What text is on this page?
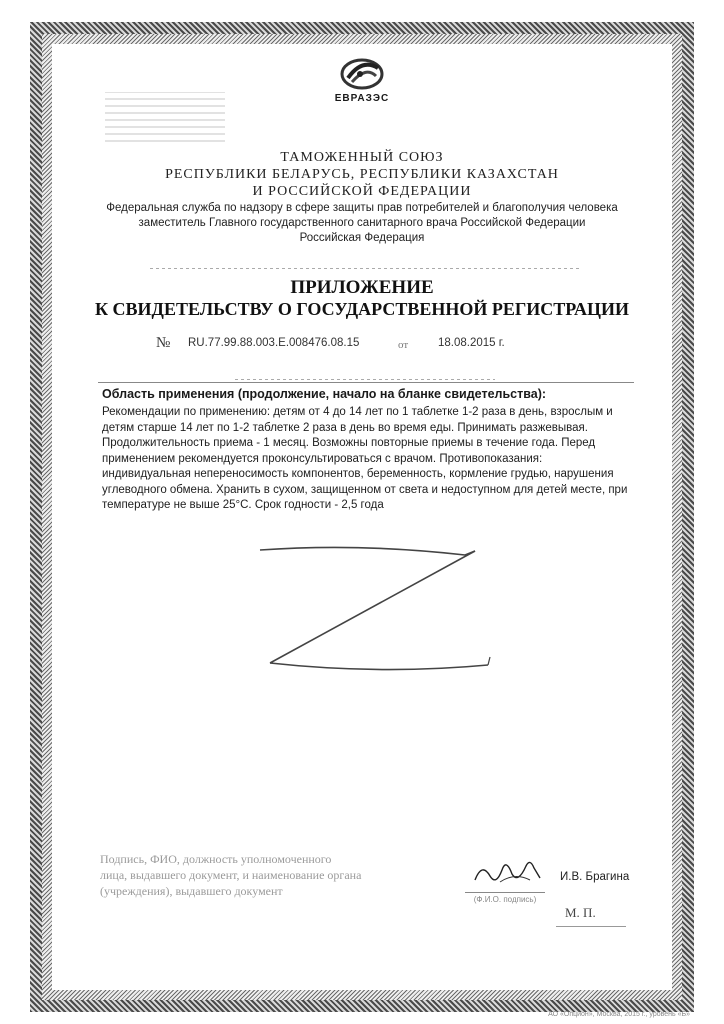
ЕВРАЗЭС
ТАМОЖЕННЫЙ СОЮЗ
РЕСПУБЛИКИ БЕЛАРУСЬ, РЕСПУБЛИКИ КАЗАХСТАН
И РОССИЙСКОЙ ФЕДЕРАЦИИ
Федеральная служба по надзору в сфере защиты прав потребителей и благополучия человека
заместитель Главного государственного санитарного врача Российской Федерации
Российская Федерация
ПРИЛОЖЕНИЕ
К СВИДЕТЕЛЬСТВУ О ГОСУДАРСТВЕННОЙ РЕГИСТРАЦИИ
№ RU.77.99.88.003.Е.008476.08.15	от	18.08.2015 г.
Область применения (продолжение, начало на бланке свидетельства):
Рекомендации по применению: детям от 4 до 14 лет по 1 таблетке 1-2 раза в день, взрослым и
детям старше 14 лет по 1-2 таблетке 2 раза в день во время еды. Принимать разжевывая.
Продолжительность приема - 1 месяц. Возможны повторные приемы в течение года. Перед
применением рекомендуется проконсультироваться с врачом. Противопоказания:
индивидуальная непереносимость компонентов, беременность, кормление грудью, нарушения
углеводного обмена. Хранить в сухом, защищенном от света и недоступном для детей месте, при
температуре не выше 25°С. Срок годности - 2,5 года
Подпись, ФИО, должность уполномоченного
лица, выдавшего документ, и наименование органа
(учреждения), выдавшего документ
(Ф.И.О. подпись)
И.В. Брагина
М. П.
АО «Опцион», Москва, 2015 г., уровень «Б»
